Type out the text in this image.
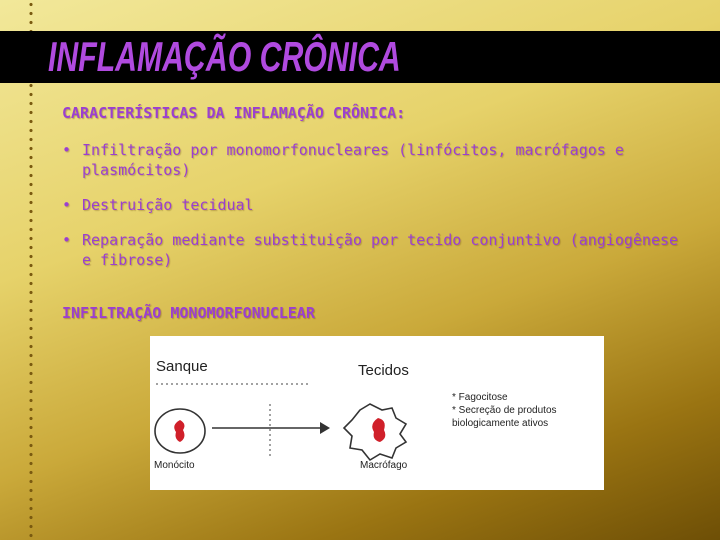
INFLAMAÇÃO CRÔNICA
CARACTERÍSTICAS DA INFLAMAÇÃO CRÔNICA:
• Infiltração por monomorfonucleares (linfócitos, macrófagos e plasmócitos)
• Destruição tecidual
• Reparação mediante substituição por tecido conjuntivo (angiogênese e fibrose)
INFILTRAÇÃO MONOMORFONUCLEAR
Sanque	Tecidos
Monócito	Macrófago
* Fagocitose
* Secreção de produtos
biologicamente ativos
